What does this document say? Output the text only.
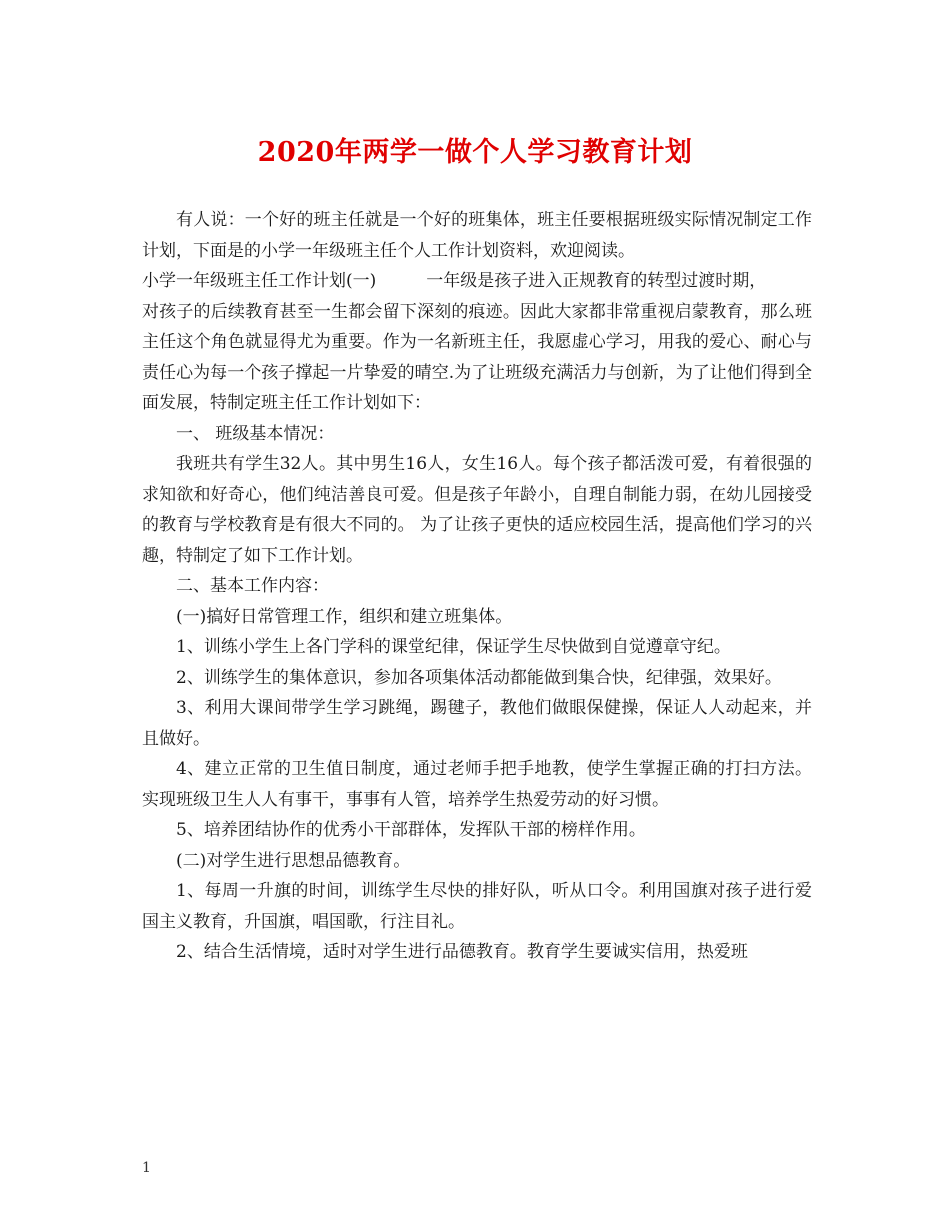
2020年两学一做个人学习教育计划

有人说：一个好的班主任就是一个好的班集体，班主任要根据班级实际情况制定工作计划，下面是的小学一年级班主任个人工作计划资料，欢迎阅读。

小学一年级班主任工作计划(一)	一年级是孩子进入正规教育的转型过渡时期，

对孩子的后续教育甚至一生都会留下深刻的痕迹。因此大家都非常重视启蒙教育，那么班主任这个角色就显得尤为重要。作为一名新班主任，我愿虚心学习，用我的爱心、耐心与责任心为每一个孩子撑起一片挚爱的晴空.为了让班级充满活力与创新，为了让他们得到全面发展，特制定班主任工作计划如下：

一、 班级基本情况：

我班共有学生32人。其中男生16人，女生16人。每个孩子都活泼可爱，有着很强的求知欲和好奇心，他们纯洁善良可爱。但是孩子年龄小，自理自制能力弱，在幼儿园接受的教育与学校教育是有很大不同的。 为了让孩子更快的适应校园生活，提高他们学习的兴趣，特制定了如下工作计划。

二、基本工作内容：

(一)搞好日常管理工作，组织和建立班集体。

1、训练小学生上各门学科的课堂纪律，保证学生尽快做到自觉遵章守纪。

2、训练学生的集体意识，参加各项集体活动都能做到集合快，纪律强，效果好。

3、利用大课间带学生学习跳绳，踢毽子，教他们做眼保健操，保证人人动起来，并且做好。

4、建立正常的卫生值日制度，通过老师手把手地教，使学生掌握正确的打扫方法。实现班级卫生人人有事干，事事有人管，培养学生热爱劳动的好习惯。

5、培养团结协作的优秀小干部群体，发挥队干部的榜样作用。

(二)对学生进行思想品德教育。

1、每周一升旗的时间，训练学生尽快的排好队，听从口令。利用国旗对孩子进行爱国主义教育，升国旗，唱国歌，行注目礼。

2、结合生活情境，适时对学生进行品德教育。教育学生要诚实信用，热爱班

1
